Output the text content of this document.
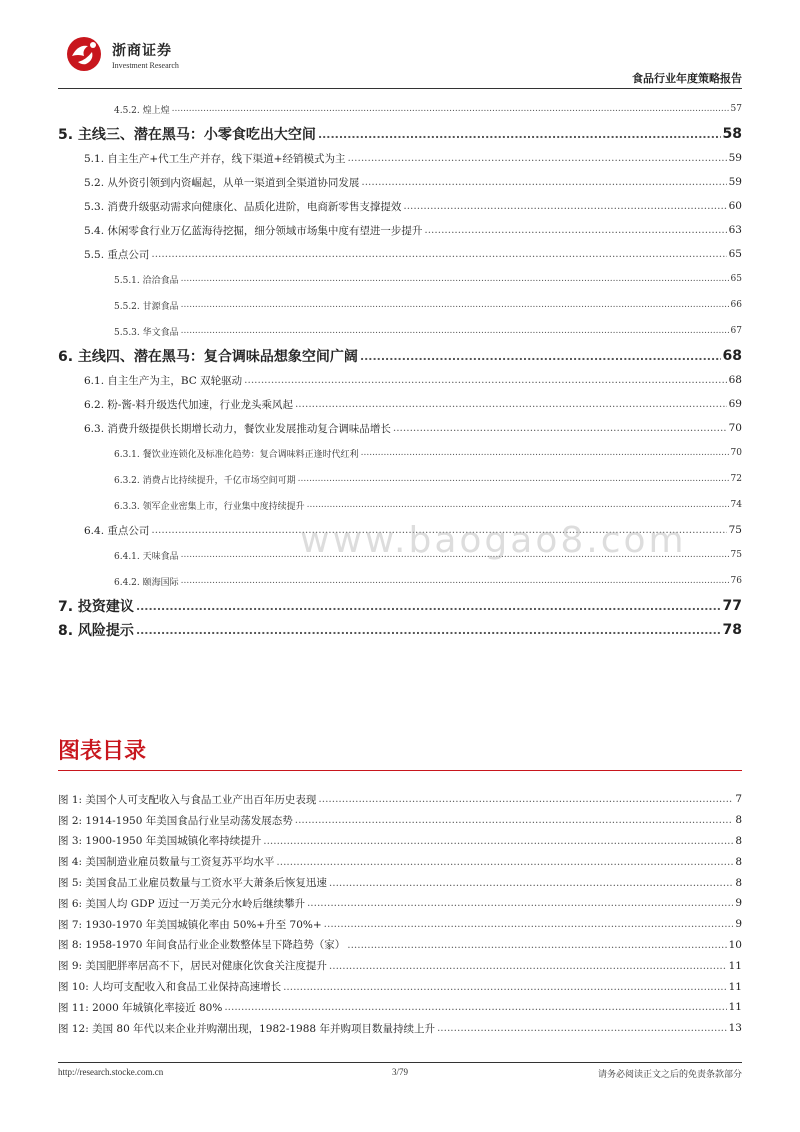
浙商证券
Investment Research
食品行业年度策略报告
4.5.2. 煌上煌 .....	57
5. 主线三、潜在黑马：小零食吃出大空间 .....	58
5.1. 自主生产+代工生产并存，线下渠道+经销模式为主 .....	59
5.2. 从外资引领到内资崛起，从单一渠道到全渠道协同发展 .....	59
5.3. 消费升级驱动需求向健康化、品质化进阶，电商新零售支撑提效 .....	60
5.4. 休闲零食行业万亿蓝海待挖掘，细分领域市场集中度有望进一步提升 .....	63
5.5. 重点公司 .....	65
5.5.1. 洽洽食品 .....	65
5.5.2. 甘源食品 .....	66
5.5.3. 华文食品 .....	67
6. 主线四、潜在黑马：复合调味品想象空间广阔 .....	68
6.1. 自主生产为主，BC 双轮驱动 .....	68
6.2. 粉-酱-料升级迭代加速，行业龙头乘风起 .....	69
6.3. 消费升级提供长期增长动力，餐饮业发展推动复合调味品增长 .....	70
6.3.1. 餐饮业连锁化及标准化趋势：复合调味料正逢时代红利 .....	70
6.3.2. 消费占比持续提升，千亿市场空间可期 .....	72
6.3.3. 领军企业密集上市，行业集中度持续提升 .....	74
6.4. 重点公司 .....	75
6.4.1. 天味食品 .....	75
6.4.2. 颐海国际 .....	76
7. 投资建议 .....	77
8. 风险提示 .....	78
www.baogao8.com
图表目录
图 1: 美国个人可支配收入与食品工业产出百年历史表现 .....	7
图 2: 1914-1950 年美国食品行业呈动荡发展态势 .....	8
图 3: 1900-1950 年美国城镇化率持续提升 .....	8
图 4: 美国制造业雇员数量与工资复苏平均水平 .....	8
图 5: 美国食品工业雇员数量与工资水平大萧条后恢复迅速 .....	8
图 6: 美国人均 GDP 迈过一万美元分水岭后继续攀升 .....	9
图 7: 1930-1970 年美国城镇化率由 50%+升至 70%+ .....	9
图 8: 1958-1970 年间食品行业企业数整体呈下降趋势（家） .....	10
图 9: 美国肥胖率居高不下，居民对健康化饮食关注度提升 .....	11
图 10: 人均可支配收入和食品工业保持高速增长 .....	11
图 11: 2000 年城镇化率接近 80% .....	11
图 12: 美国 80 年代以来企业并购潮出现，1982-1988 年并购项目数量持续上升 .....	13
http://research.stocke.com.cn	3/79	请务必阅读正文之后的免责条款部分
